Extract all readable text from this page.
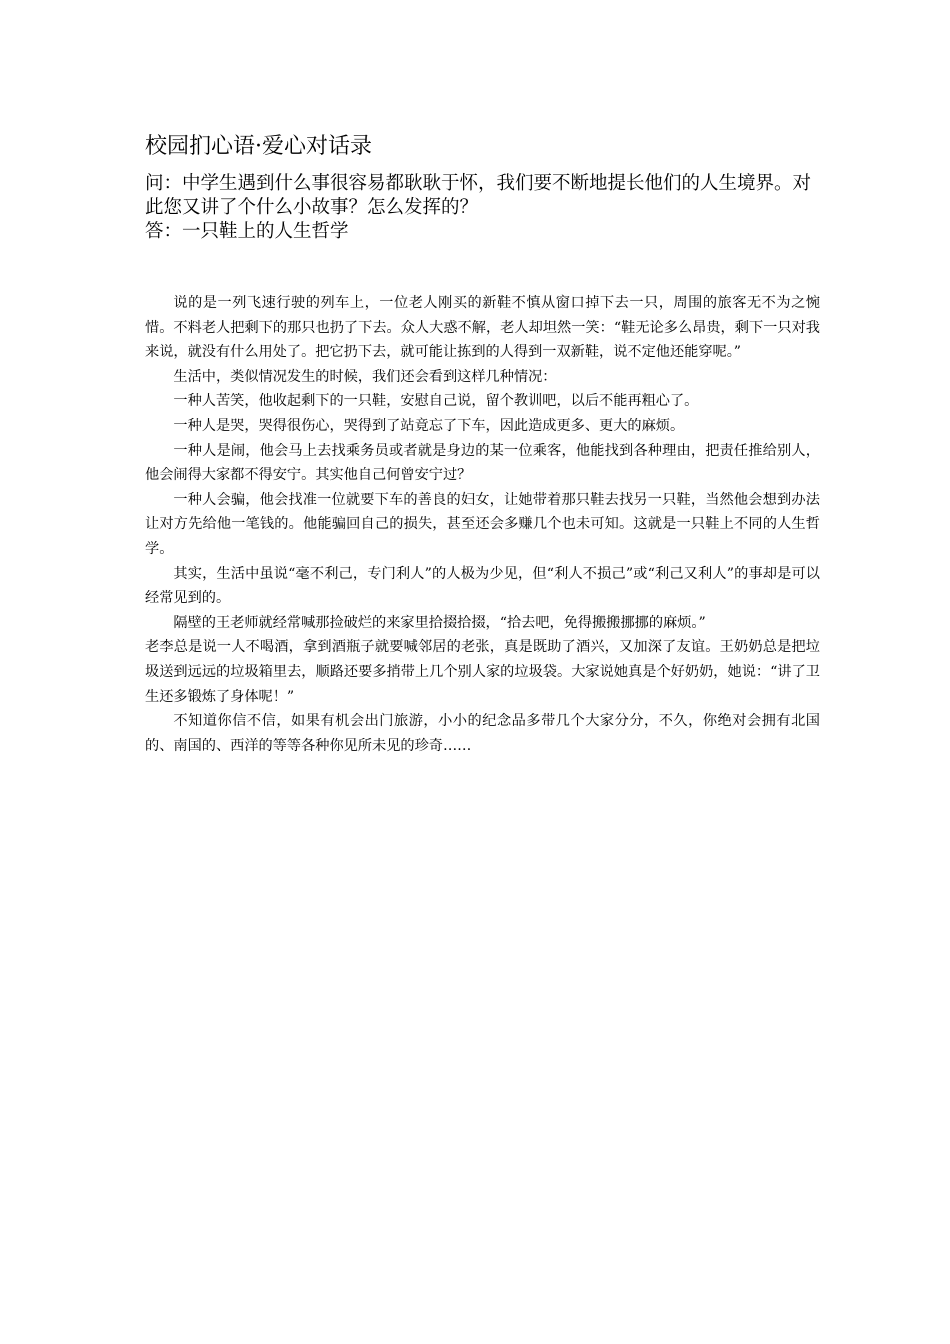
校园扪心语·爱心对话录

问：中学生遇到什么事很容易都耿耿于怀，我们要不断地提长他们的人生境界。对此您又讲了个什么小故事？怎么发挥的？

答：一只鞋上的人生哲学

说的是一列飞速行驶的列车上，一位老人刚买的新鞋不慎从窗口掉下去一只，周围的旅客无不为之惋惜。不料老人把剩下的那只也扔了下去。众人大惑不解，老人却坦然一笑：“鞋无论多么昂贵，剩下一只对我来说，就没有什么用处了。把它扔下去，就可能让拣到的人得到一双新鞋，说不定他还能穿呢。”

生活中，类似情况发生的时候，我们还会看到这样几种情况：

一种人苦笑，他收起剩下的一只鞋，安慰自己说，留个教训吧，以后不能再粗心了。

一种人是哭，哭得很伤心，哭得到了站竟忘了下车，因此造成更多、更大的麻烦。

一种人是闹，他会马上去找乘务员或者就是身边的某一位乘客，他能找到各种理由，把责任推给别人，他会闹得大家都不得安宁。其实他自己何曾安宁过？

一种人会骗，他会找准一位就要下车的善良的妇女，让她带着那只鞋去找另一只鞋，当然他会想到办法让对方先给他一笔钱的。他能骗回自己的损失，甚至还会多赚几个也未可知。这就是一只鞋上不同的人生哲学。

其实，生活中虽说“毫不利己，专门利人”的人极为少见，但“利人不损己”或“利己又利人”的事却是可以经常见到的。

隔壁的王老师就经常喊那捡破烂的来家里拾掇拾掇，“拾去吧，免得搬搬挪挪的麻烦。”

老李总是说一人不喝酒，拿到酒瓶子就要喊邻居的老张，真是既助了酒兴，又加深了友谊。王奶奶总是把垃圾送到远远的垃圾箱里去，顺路还要多捎带上几个别人家的垃圾袋。大家说她真是个好奶奶，她说：“讲了卫生还多锻炼了身体呢！”

不知道你信不信，如果有机会出门旅游，小小的纪念品多带几个大家分分，不久，你绝对会拥有北国的、南国的、西洋的等等各种你见所未见的珍奇……
